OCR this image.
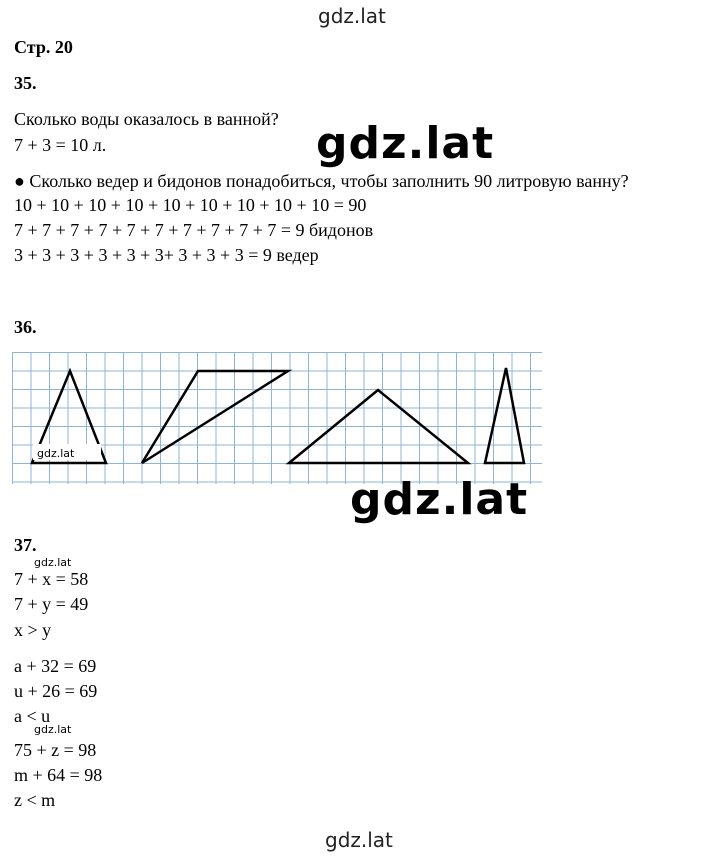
gdz.lat
Стр. 20
35.
Сколько воды оказалось в ванной?
7 + 3 = 10 л.	gdz.lat
● Сколько ведер и бидонов понадобиться, чтобы заполнить 90 литровую ванну?
10 + 10 + 10 + 10 + 10 + 10 + 10 + 10 + 10 = 90
7 + 7 + 7 + 7 + 7 + 7 + 7 + 7 + 7 + 7 = 9 бидонов
3 + 3 + 3 + 3 + 3 + 3+ 3 + 3 + 3 = 9 ведер
36.
gdz.lat
gdz.lat
37.
gdz.lat
7 + x = 58
7 + y = 49
x > y
a + 32 = 69
u + 26 = 69
a < u
gdz.lat
75 + z = 98
m + 64 = 98
z < m
gdz.lat
